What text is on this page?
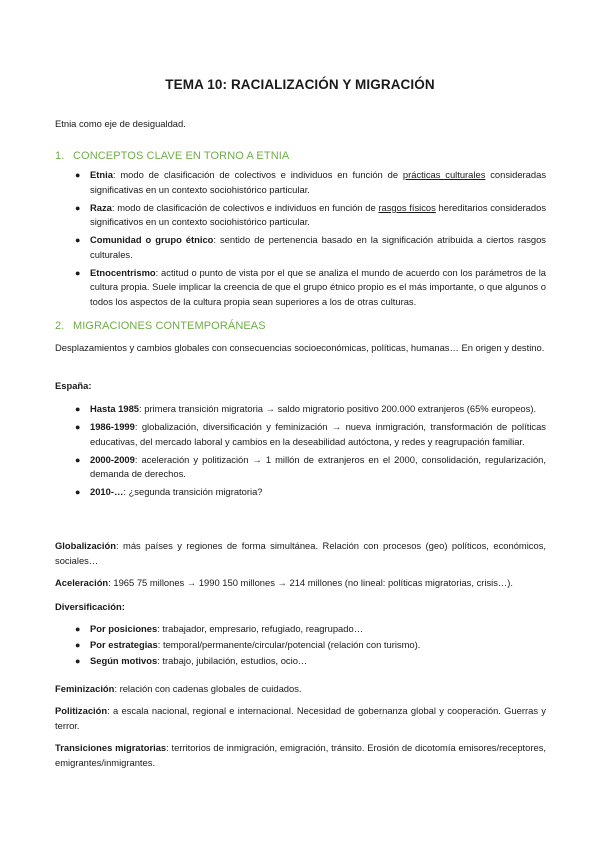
TEMA 10: RACIALIZACIÓN Y MIGRACIÓN
Etnia como eje de desigualdad.
1. CONCEPTOS CLAVE EN TORNO A ETNIA
● Etnia: modo de clasificación de colectivos e individuos en función de prácticas culturales consideradas significativas en un contexto sociohistórico particular.
● Raza: modo de clasificación de colectivos e individuos en función de rasgos físicos hereditarios considerados significativos en un contexto sociohistórico particular.
● Comunidad o grupo étnico: sentido de pertenencia basado en la significación atribuida a ciertos rasgos culturales.
● Etnocentrismo: actitud o punto de vista por el que se analiza el mundo de acuerdo con los parámetros de la cultura propia. Suele implicar la creencia de que el grupo étnico propio es el más importante, o que algunos o todos los aspectos de la cultura propia sean superiores a los de otras culturas.
2. MIGRACIONES CONTEMPORÁNEAS
Desplazamientos y cambios globales con consecuencias socioeconómicas, políticas, humanas… En origen y destino.
España:
● Hasta 1985: primera transición migratoria → saldo migratorio positivo 200.000 extranjeros (65% europeos).
● 1986-1999: globalización, diversificación y feminización → nueva inmigración, transformación de políticas educativas, del mercado laboral y cambios en la deseabilidad autóctona, y redes y reagrupación familiar.
● 2000-2009: aceleración y politización → 1 millón de extranjeros en el 2000, consolidación, regularización, demanda de derechos.
● 2010-…: ¿segunda transición migratoria?
Globalización: más países y regiones de forma simultánea. Relación con procesos (geo) políticos, económicos, sociales…
Aceleración: 1965 75 millones → 1990 150 millones → 214 millones (no lineal: políticas migratorias, crisis…).
Diversificación:
● Por posiciones: trabajador, empresario, refugiado, reagrupado…
● Por estrategias: temporal/permanente/circular/potencial (relación con turismo).
● Según motivos: trabajo, jubilación, estudios, ocio…
Feminización: relación con cadenas globales de cuidados.
Politización: a escala nacional, regional e internacional. Necesidad de gobernanza global y cooperación. Guerras y terror.
Transiciones migratorias: territorios de inmigración, emigración, tránsito. Erosión de dicotomía emisores/receptores, emigrantes/inmigrantes.
